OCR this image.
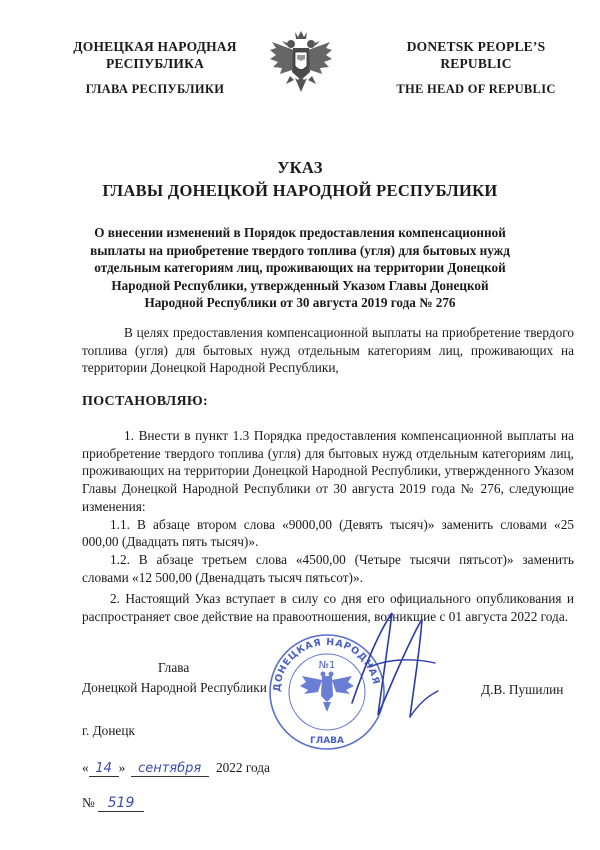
ДОНЕЦКАЯ НАРОДНАЯ
РЕСПУБЛИКА
ГЛАВА РЕСПУБЛИКИ
DONETSK PEOPLE’S
REPUBLIC
THE HEAD OF REPUBLIC
УКАЗ
ГЛАВЫ ДОНЕЦКОЙ НАРОДНОЙ РЕСПУБЛИКИ
О внесении изменений в Порядок предоставления компенсационной выплаты на приобретение твердого топлива (угля) для бытовых нужд отдельным категориям лиц, проживающих на территории Донецкой Народной Республики, утвержденный Указом Главы Донецкой Народной Республики от 30 августа 2019 года № 276

В целях предоставления компенсационной выплаты на приобретение твердого топлива (угля) для бытовых нужд отдельным категориям лиц, проживающих на территории Донецкой Народной Республики,

ПОСТАНОВЛЯЮ:

1. Внести в пункт 1.3 Порядка предоставления компенсационной выплаты на приобретение твердого топлива (угля) для бытовых нужд отдельным категориям лиц, проживающих на территории Донецкой Народной Республики, утвержденного Указом Главы Донецкой Народной Республики от 30 августа 2019 года № 276, следующие изменения:

1.1. В абзаце втором слова «9000,00 (Девять тысяч)» заменить словами «25 000,00 (Двадцать пять тысяч)».

1.2. В абзаце третьем слова «4500,00 (Четыре тысячи пятьсот)» заменить словами «12 500,00 (Двенадцать тысяч пятьсот)».

2. Настоящий Указ вступает в силу со дня его официального опубликования и распространяет свое действие на правоотношения, возникшие с 01 августа 2022 года.

ДОНЕЦКАЯ НАРОДНАЯ
ГЛАВА
№1
Глава
Донецкой Народной Республики	Д.В. Пушилин
г. Донецк
« 14 » сентября 2022 года
№ 519
